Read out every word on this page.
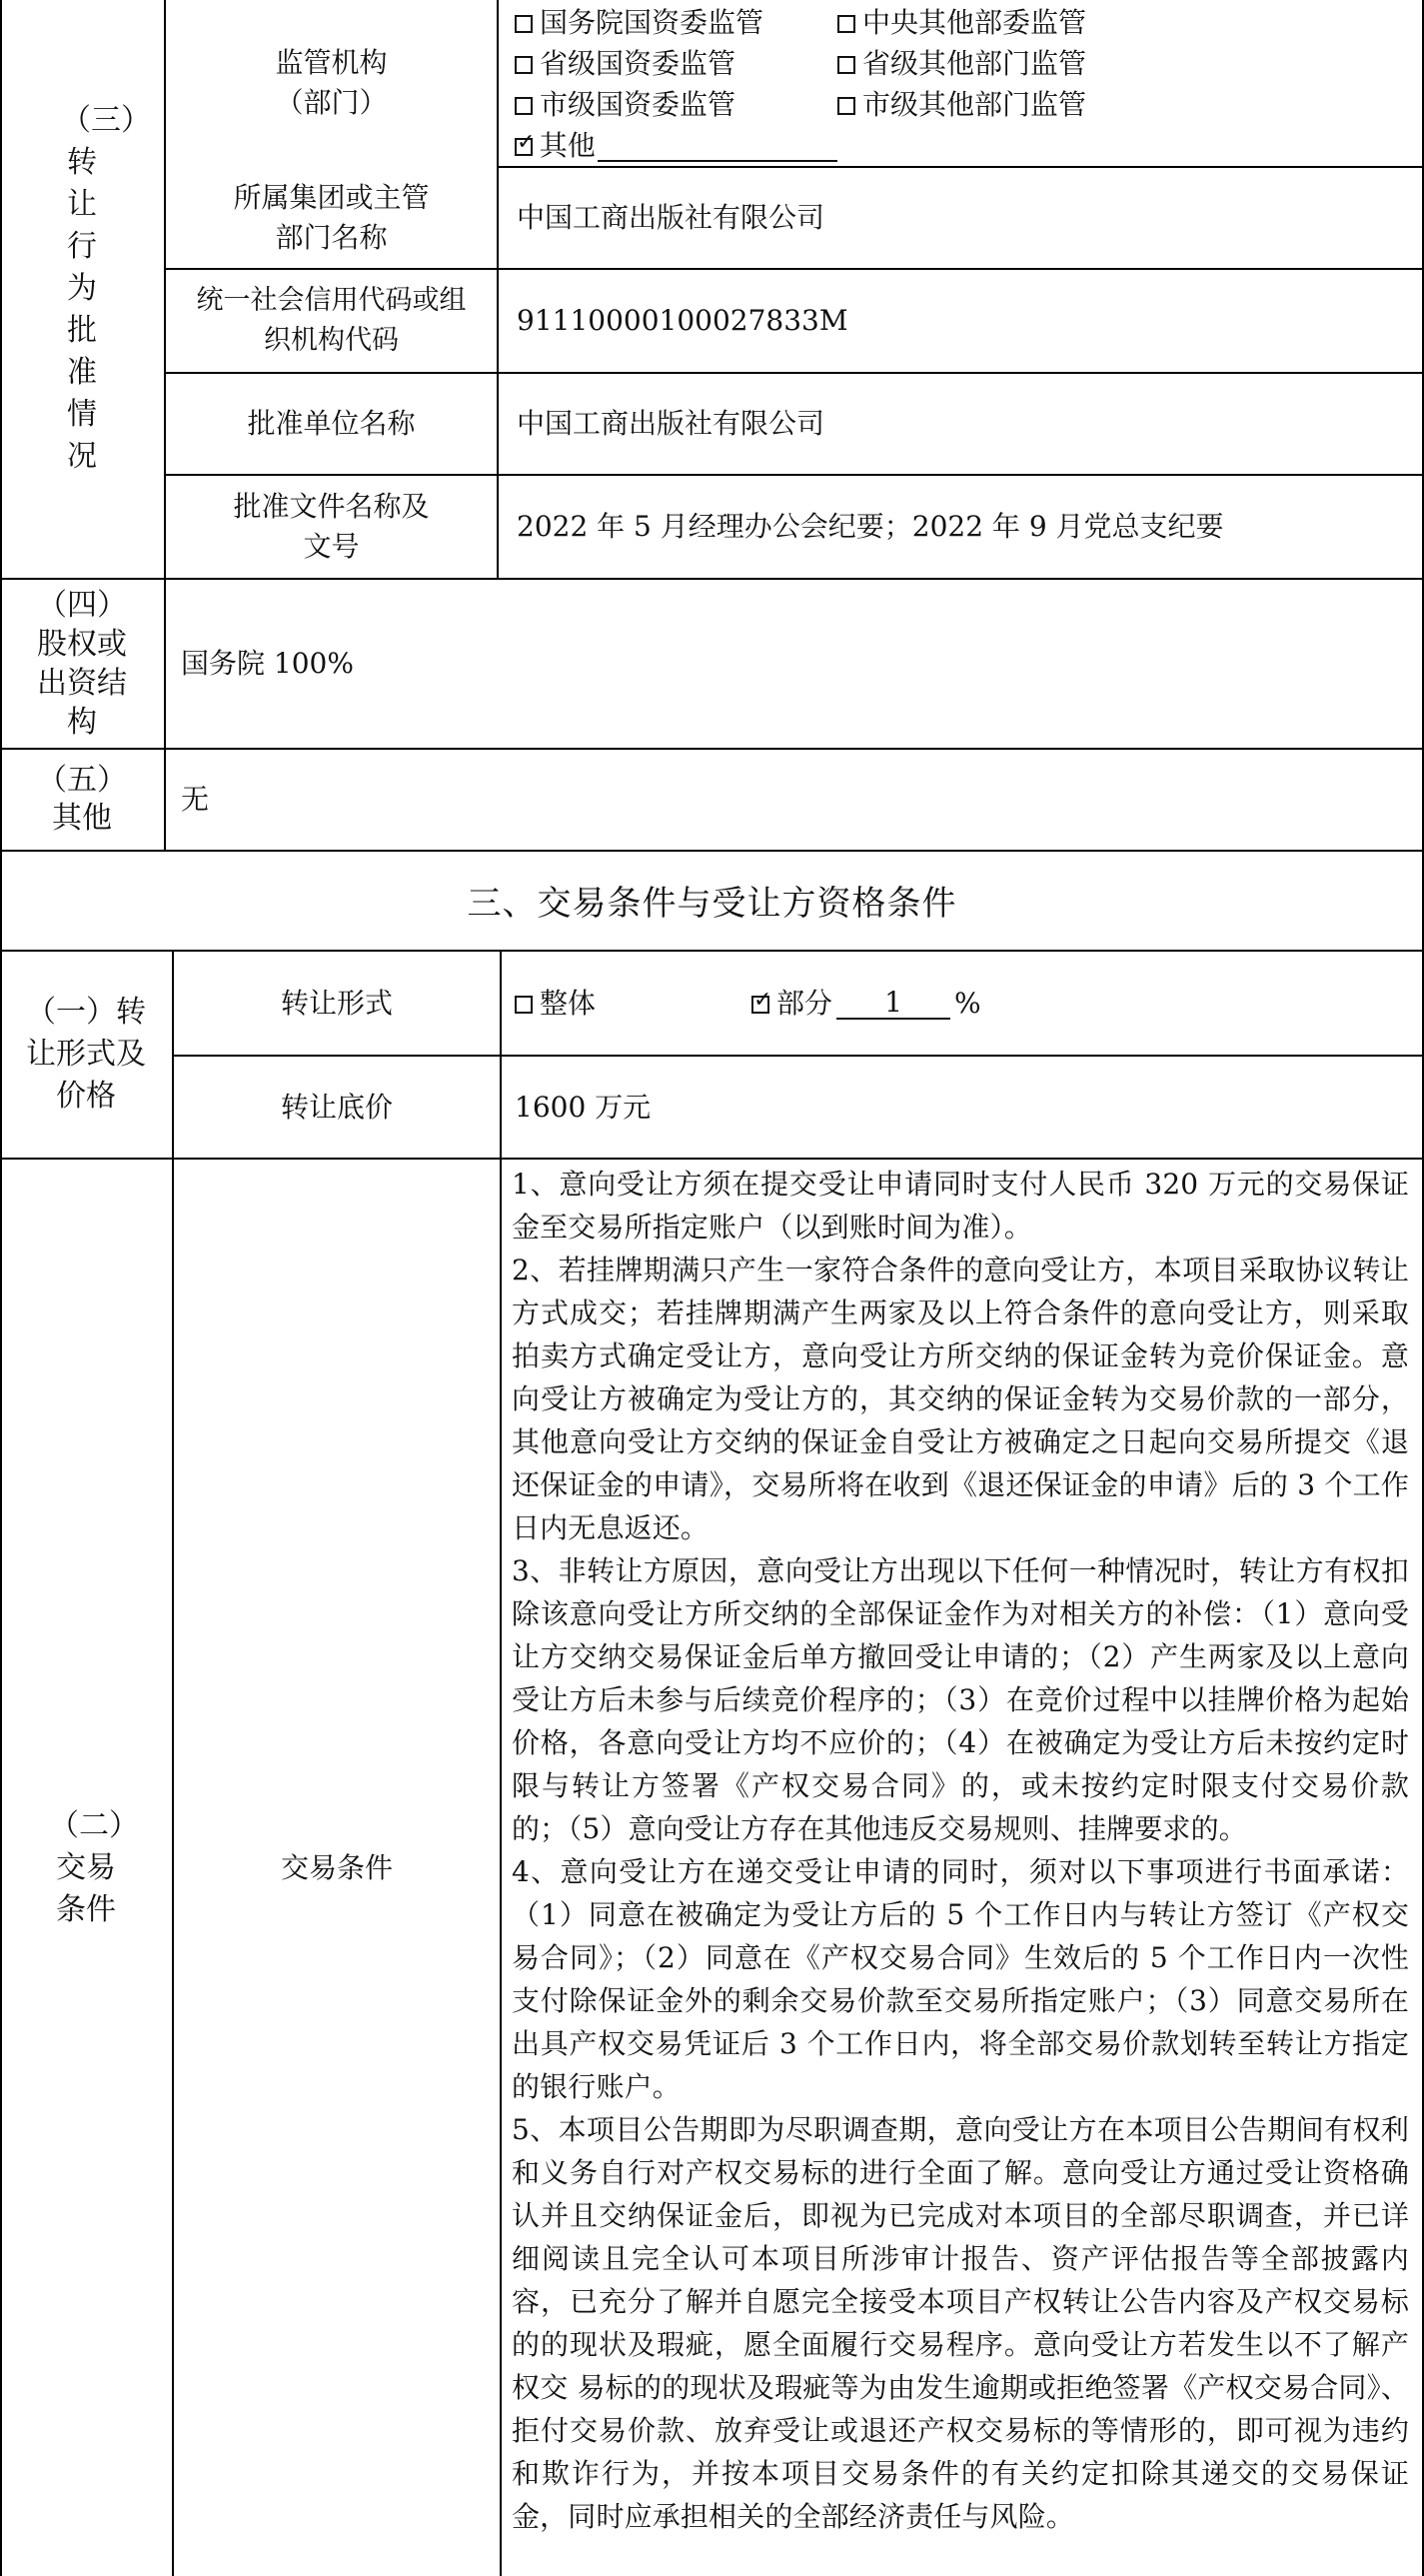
（三）转让行为批准情况
监管机构（部门）
国务院国资委监管	中央其他部委监管
省级国资委监管	省级其他部门监管
市级国资委监管	市级其他部门监管
✓
其他
所属集团或主管部门名称
中国工商出版社有限公司
统一社会信用代码或组织机构代码
91110000100027833M
批准单位名称	中国工商出版社有限公司
批准文件名称及文号
2022 年 5 月经理办公会纪要；2022 年 9 月党总支纪要
（四）股权或出资结构
国务院 100%
（五）其他
无
三、交易条件与受让方资格条件
（一）转让形式及价格
转让形式	整体
✓	部分	1	%
转让底价	1600 万元
（二）交易条件
交易条件

1、意向受让方须在提交受让申请同时支付人民币 320 万元的交易保证金至交易所指定账户（以到账时间为准）。

2、若挂牌期满只产生一家符合条件的意向受让方，本项目采取协议转让方式成交；若挂牌期满产生两家及以上符合条件的意向受让方，则采取拍卖方式确定受让方，意向受让方所交纳的保证金转为竞价保证金。意向受让方被确定为受让方的，其交纳的保证金转为交易价款的一部分，其他意向受让方交纳的保证金自受让方被确定之日起向交易所提交《退还保证金的申请》，交易所将在收到《退还保证金的申请》后的 3 个工作日内无息返还。

3、非转让方原因，意向受让方出现以下任何一种情况时，转让方有权扣除该意向受让方所交纳的全部保证金作为对相关方的补偿：（1）意向受让方交纳交易保证金后单方撤回受让申请的；（2）产生两家及以上意向受让方后未参与后续竞价程序的；（3）在竞价过程中以挂牌价格为起始价格，各意向受让方均不应价的；（4）在被确定为受让方后未按约定时限与转让方签署《产权交易合同》的，或未按约定时限支付交易价款的；（5）意向受让方存在其他违反交易规则、挂牌要求的。

4、意向受让方在递交受让申请的同时，须对以下事项进行书面承诺：（1）同意在被确定为受让方后的 5 个工作日内与转让方签订《产权交易合同》；（2）同意在《产权交易合同》生效后的 5 个工作日内一次性支付除保证金外的剩余交易价款至交易所指定账户；（3）同意交易所在出具产权交易凭证后 3 个工作日内，将全部交易价款划转至转让方指定的银行账户。

5、本项目公告期即为尽职调查期，意向受让方在本项目公告期间有权利和义务自行对产权交易标的进行全面了解。意向受让方通过受让资格确认并且交纳保证金后，即视为已完成对本项目的全部尽职调查，并已详细阅读且完全认可本项目所涉审计报告、资产评估报告等全部披露内容，已充分了解并自愿完全接受本项目产权转让公告内容及产权交易标的的现状及瑕疵，愿全面履行交易程序。意向受让方若发生以不了解产权交 易标的的现状及瑕疵等为由发生逾期或拒绝签署《产权交易合同》、拒付交易价款、放弃受让或退还产权交易标的等情形的，即可视为违约和欺诈行为，并按本项目交易条件的有关约定扣除其递交的交易保证金，同时应承担相关的全部经济责任与风险。
